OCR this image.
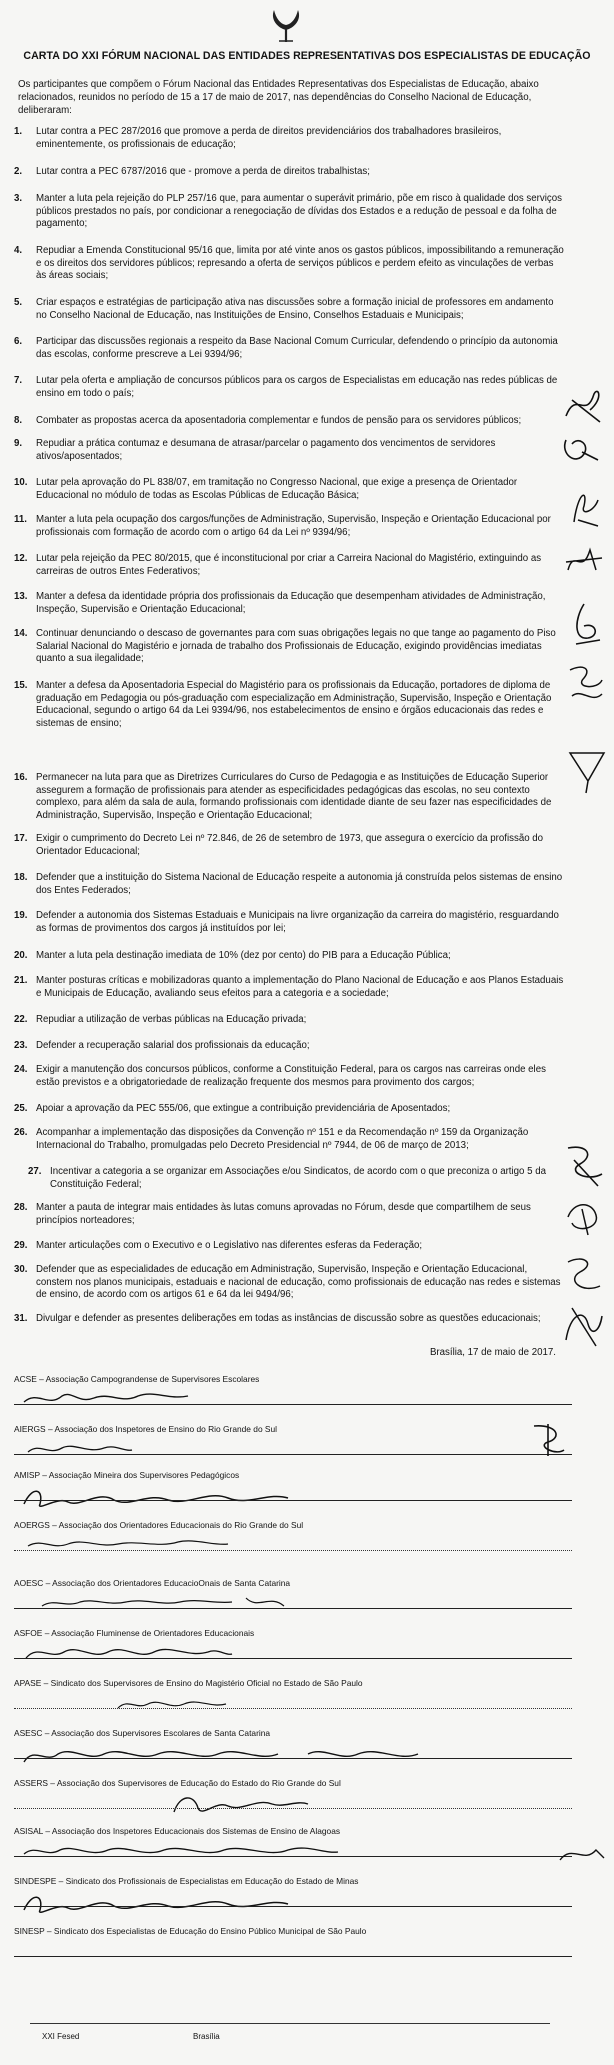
CARTA DO XXI FÓRUM NACIONAL DAS ENTIDADES REPRESENTATIVAS DOS ESPECIALISTAS DE EDUCAÇÃO

Os participantes que compõem o Fórum Nacional das Entidades Representativas dos Especialistas de Educação, abaixo relacionados, reunidos no período de 15 a 17 de maio de 2017, nas dependências do Conselho Nacional de Educação, deliberaram:

1. Lutar contra a PEC 287/2016 que promove a perda de direitos previdenciários dos trabalhadores brasileiros, eminentemente, os profissionais de educação;
2. Lutar contra a PEC 6787/2016 que - promove a perda de direitos trabalhistas;
3. Manter a luta pela rejeição do PLP 257/16 que, para aumentar o superávit primário, põe em risco à qualidade dos serviços públicos prestados no país, por condicionar a renegociação de dívidas dos Estados e a redução de pessoal e da folha de pagamento;
4. Repudiar a Emenda Constitucional 95/16 que, limita por até vinte anos os gastos públicos, impossibilitando a remuneração e os direitos dos servidores públicos; represando a oferta de serviços públicos e perdem efeito as vinculações de verbas às áreas sociais;
5. Criar espaços e estratégias de participação ativa nas discussões sobre a formação inicial de professores em andamento no Conselho Nacional de Educação, nas Instituições de Ensino, Conselhos Estaduais e Municipais;
6. Participar das discussões regionais a respeito da Base Nacional Comum Curricular, defendendo o princípio da autonomia das escolas, conforme prescreve a Lei 9394/96;
7. Lutar pela oferta e ampliação de concursos públicos para os cargos de Especialistas em educação nas redes públicas de ensino em todo o país;
8. Combater as propostas acerca da aposentadoria complementar e fundos de pensão para os servidores públicos;
9. Repudiar a prática contumaz e desumana de atrasar/parcelar o pagamento dos vencimentos de servidores ativos/aposentados;
10. Lutar pela aprovação do PL 838/07, em tramitação no Congresso Nacional, que exige a presença de Orientador Educacional no módulo de todas as Escolas Públicas de Educação Básica;
11. Manter a luta pela ocupação dos cargos/funções de Administração, Supervisão, Inspeção e Orientação Educacional por profissionais com formação de acordo com o artigo 64 da Lei nº 9394/96;
12. Lutar pela rejeição da PEC 80/2015, que é inconstitucional por criar a Carreira Nacional do Magistério, extinguindo as carreiras de outros Entes Federativos;
13. Manter a defesa da identidade própria dos profissionais da Educação que desempenham atividades de Administração, Inspeção, Supervisão e Orientação Educacional;
14. Continuar denunciando o descaso de governantes para com suas obrigações legais no que tange ao pagamento do Piso Salarial Nacional do Magistério e jornada de trabalho dos Profissionais de Educação, exigindo providências imediatas quanto a sua ilegalidade;
15. Manter a defesa da Aposentadoria Especial do Magistério para os profissionais da Educação, portadores de diploma de graduação em Pedagogia ou pós-graduação com especialização em Administração, Supervisão, Inspeção e Orientação Educacional, segundo o artigo 64 da Lei 9394/96, nos estabelecimentos de ensino e órgãos educacionais das redes e sistemas de ensino;
16. Permanecer na luta para que as Diretrizes Curriculares do Curso de Pedagogia e as Instituições de Educação Superior assegurem a formação de profissionais para atender as especificidades pedagógicas das escolas, no seu contexto complexo, para além da sala de aula, formando profissionais com identidade diante de seu fazer nas especificidades de Administração, Supervisão, Inspeção e Orientação Educacional;
17. Exigir o cumprimento do Decreto Lei nº 72.846, de 26 de setembro de 1973, que assegura o exercício da profissão do Orientador Educacional;
18. Defender que a instituição do Sistema Nacional de Educação respeite a autonomia já construída pelos sistemas de ensino dos Entes Federados;
19. Defender a autonomia dos Sistemas Estaduais e Municipais na livre organização da carreira do magistério, resguardando as formas de provimentos dos cargos já instituídos por lei;
20. Manter a luta pela destinação imediata de 10% (dez por cento) do PIB para a Educação Pública;
21. Manter posturas críticas e mobilizadoras quanto a implementação do Plano Nacional de Educação e aos Planos Estaduais e Municipais de Educação, avaliando seus efeitos para a categoria e a sociedade;
22. Repudiar a utilização de verbas públicas na Educação privada;
23. Defender a recuperação salarial dos profissionais da educação;
24. Exigir a manutenção dos concursos públicos, conforme a Constituição Federal, para os cargos nas carreiras onde eles estão previstos e a obrigatoriedade de realização frequente dos mesmos para provimento dos cargos;
25. Apoiar a aprovação da PEC 555/06, que extingue a contribuição previdenciária de Aposentados;
26. Acompanhar a implementação das disposições da Convenção nº 151 e da Recomendação nº 159 da Organização Internacional do Trabalho, promulgadas pelo Decreto Presidencial nº 7944, de 06 de março de 2013;
27. Incentivar a categoria a se organizar em Associações e/ou Sindicatos, de acordo com o que preconiza o artigo 5 da Constituição Federal;
28. Manter a pauta de integrar mais entidades às lutas comuns aprovadas no Fórum, desde que compartilhem de seus princípios norteadores;
29. Manter articulações com o Executivo e o Legislativo nas diferentes esferas da Federação;
30. Defender que as especialidades de educação em Administração, Supervisão, Inspeção e Orientação Educacional, constem nos planos municipais, estaduais e nacional de educação, como profissionais de educação nas redes e sistemas de ensino, de acordo com os artigos 61 e 64 da lei 9494/96;
31. Divulgar e defender as presentes deliberações em todas as instâncias de discussão sobre as questões educacionais;

Brasília, 17 de maio de 2017.

ACSE – Associação Campograndense de Supervisores Escolares
AIERGS – Associação dos Inspetores de Ensino do Rio Grande do Sul
AMISP – Associação Mineira dos Supervisores Pedagógicos
AOERGS – Associação dos Orientadores Educacionais do Rio Grande do Sul
AOESC – Associação dos Orientadores EducacioOnais de Santa Catarina
ASFOE – Associação Fluminense de Orientadores Educacionais
APASE – Sindicato dos Supervisores de Ensino do Magistério Oficial no Estado de São Paulo
ASESC – Associação dos Supervisores Escolares de Santa Catarina
ASSERS – Associação dos Supervisores de Educação do Estado do Rio Grande do Sul
ASISAL – Associação dos Inspetores Educacionais dos Sistemas de Ensino de Alagoas
SINDESPE – Sindicato dos Profissionais de Especialistas em Educação do Estado de Minas
SINESP – Sindicato dos Especialistas de Educação do Ensino Público Municipal de São Paulo
XXI Fesed	Brasília
